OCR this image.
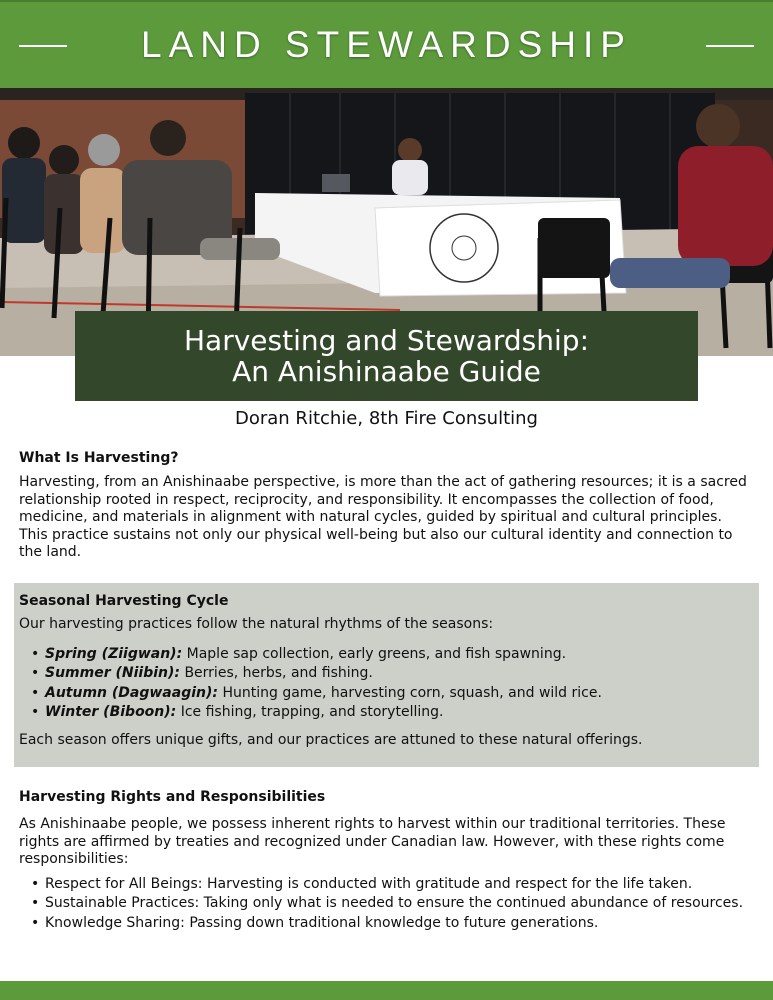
LAND STEWARDSHIP
Harvesting and Stewardship:
An Anishinaabe Guide
Doran Ritchie, 8th Fire Consulting
What Is Harvesting?

Harvesting, from an Anishinaabe perspective, is more than the act of gathering resources; it is a sacred relationship rooted in respect, reciprocity, and responsibility. It encompasses the collection of food, medicine, and materials in alignment with natural cycles, guided by spiritual and cultural principles. This practice sustains not only our physical well-being but also our cultural identity and connection to the land.

Seasonal Harvesting Cycle

Our harvesting practices follow the natural rhythms of the seasons:

• Spring (Ziigwan): Maple sap collection, early greens, and fish spawning.
• Summer (Niibin): Berries, herbs, and fishing.
• Autumn (Dagwaagin): Hunting game, harvesting corn, squash, and wild rice.
• Winter (Biboon): Ice fishing, trapping, and storytelling.

Each season offers unique gifts, and our practices are attuned to these natural offerings.

Harvesting Rights and Responsibilities

As Anishinaabe people, we possess inherent rights to harvest within our traditional territories. These rights are affirmed by treaties and recognized under Canadian law. However, with these rights come responsibilities:

• Respect for All Beings: Harvesting is conducted with gratitude and respect for the life taken.
• Sustainable Practices: Taking only what is needed to ensure the continued abundance of resources.
• Knowledge Sharing: Passing down traditional knowledge to future generations.
